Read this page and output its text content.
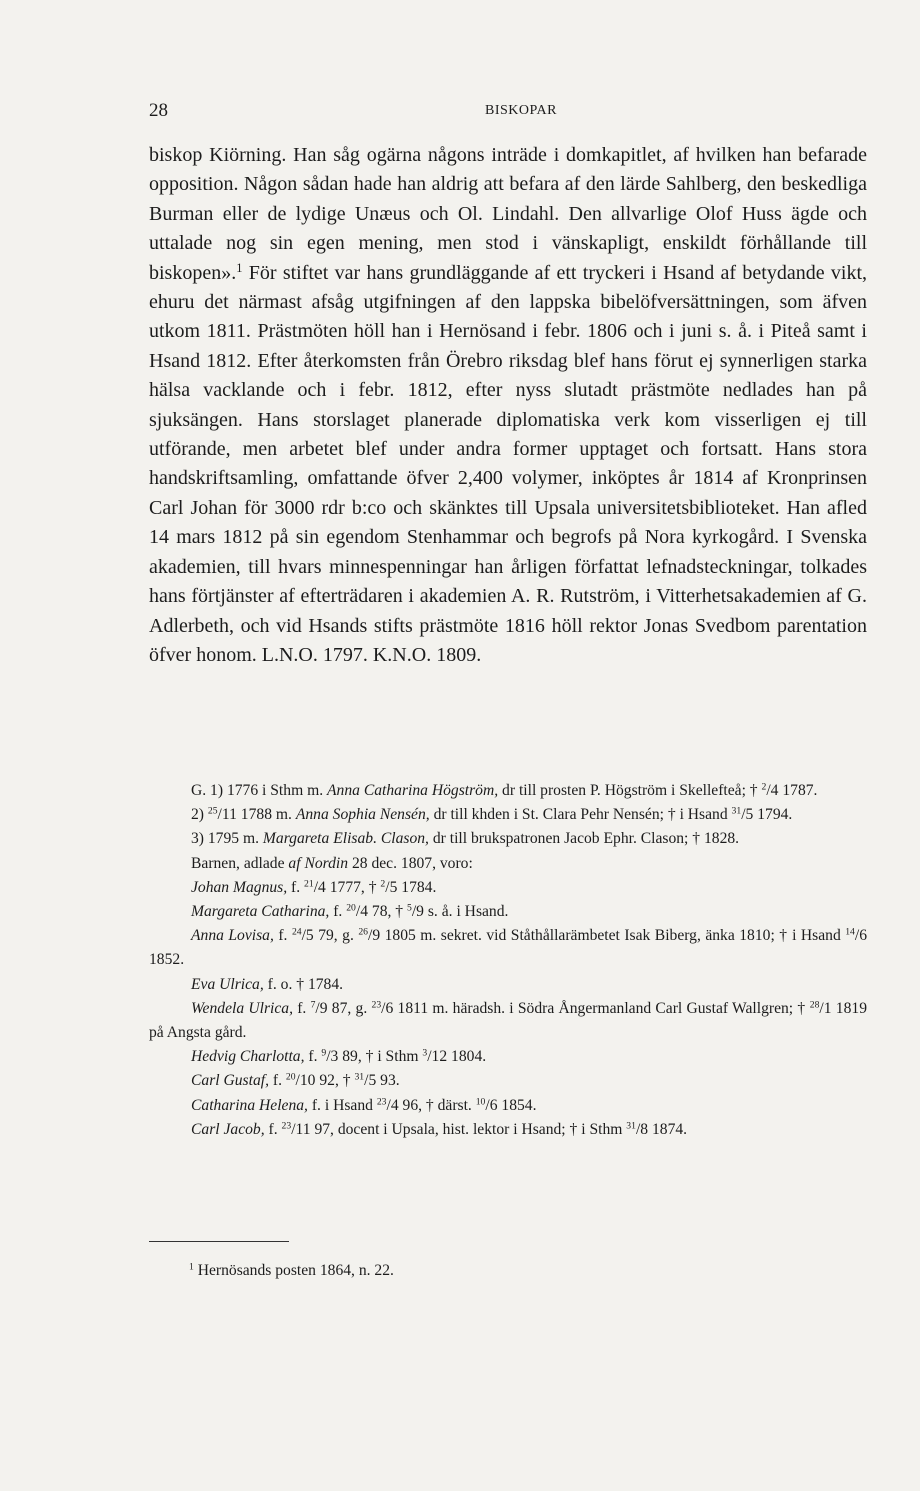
28	BISKOPAR

biskop Kiörning. Han såg ogärna någons inträde i domkapitlet, af hvilken han befarade opposition. Någon sådan hade han aldrig att befara af den lärde Sahlberg, den beskedliga Burman eller de lydige Unæus och Ol. Lindahl. Den allvarlige Olof Huss ägde och uttalade nog sin egen mening, men stod i vänskapligt, enskildt förhållande till biskopen».$^1$ För stiftet var hans grundläggande af ett tryckeri i Hsand af betydande vikt, ehuru det närmast afsåg utgifningen af den lappska bibelöfversättningen, som äfven utkom 1811. Prästmöten höll han i Hernösand i febr. 1806 och i juni s. å. i Piteå samt i Hsand 1812. Efter återkomsten från Örebro riksdag blef hans förut ej synnerligen starka hälsa vacklande och i febr. 1812, efter nyss slutadt prästmöte nedlades han på sjuksängen. Hans storslaget planerade diplomatiska verk kom visserligen ej till utförande, men arbetet blef under andra former upptaget och fortsatt. Hans stora handskriftsamling, omfattande öfver 2,400 volymer, inköptes år 1814 af Kronprinsen Carl Johan för 3000 rdr b:co och skänktes till Upsala universitetsbiblioteket. Han afled 14 mars 1812 på sin egendom Stenhammar och begrofs på Nora kyrkogård. I Svenska akademien, till hvars minnespenningar han årligen författat lefnadsteckningar, tolkades hans förtjänster af efterträdaren i akademien A. R. Rutström, i Vitterhetsakademien af G. Adlerbeth, och vid Hsands stifts prästmöte 1816 höll rektor Jonas Svedbom parentation öfver honom. L.N.O. 1797. K.N.O. 1809.

G. 1) 1776 i Sthm m. Anna Catharina Högström, dr till prosten P. Högström i Skellefteå; † $^2$/4 1787.

2) $^{25}$/11 1788 m. Anna Sophia Nensén, dr till khden i St. Clara Pehr Nensén; † i Hsand $^{31}$/5 1794.

3) 1795 m. Margareta Elisab. Clason, dr till brukspatronen Jacob Ephr. Clason; † 1828.

Barnen, adlade af Nordin 28 dec. 1807, voro:

Johan Magnus, f. $^{21}$/4 1777, † $^2$/5 1784.

Margareta Catharina, f. $^{20}$/4 78, † $^5$/9 s. å. i Hsand.

Anna Lovisa, f. $^{24}$/5 79, g. $^{26}$/9 1805 m. sekret. vid Ståthållarämbetet Isak Biberg, änka 1810; † i Hsand $^{14}$/6 1852.

Eva Ulrica, f. o. † 1784.

Wendela Ulrica, f. $^7$/9 87, g. $^{23}$/6 1811 m. häradsh. i Södra Ångermanland Carl Gustaf Wallgren; † $^{28}$/1 1819 på Angsta gård.

Hedvig Charlotta, f. $^9$/3 89, † i Sthm $^3$/12 1804.

Carl Gustaf, f. $^{20}$/10 92, † $^{31}$/5 93.

Catharina Helena, f. i Hsand $^{23}$/4 96, † därst. $^{10}$/6 1854.

Carl Jacob, f. $^{23}$/11 97, docent i Upsala, hist. lektor i Hsand; † i Sthm $^{31}$/8 1874.

$^1$ Hernösands posten 1864, n. 22.
